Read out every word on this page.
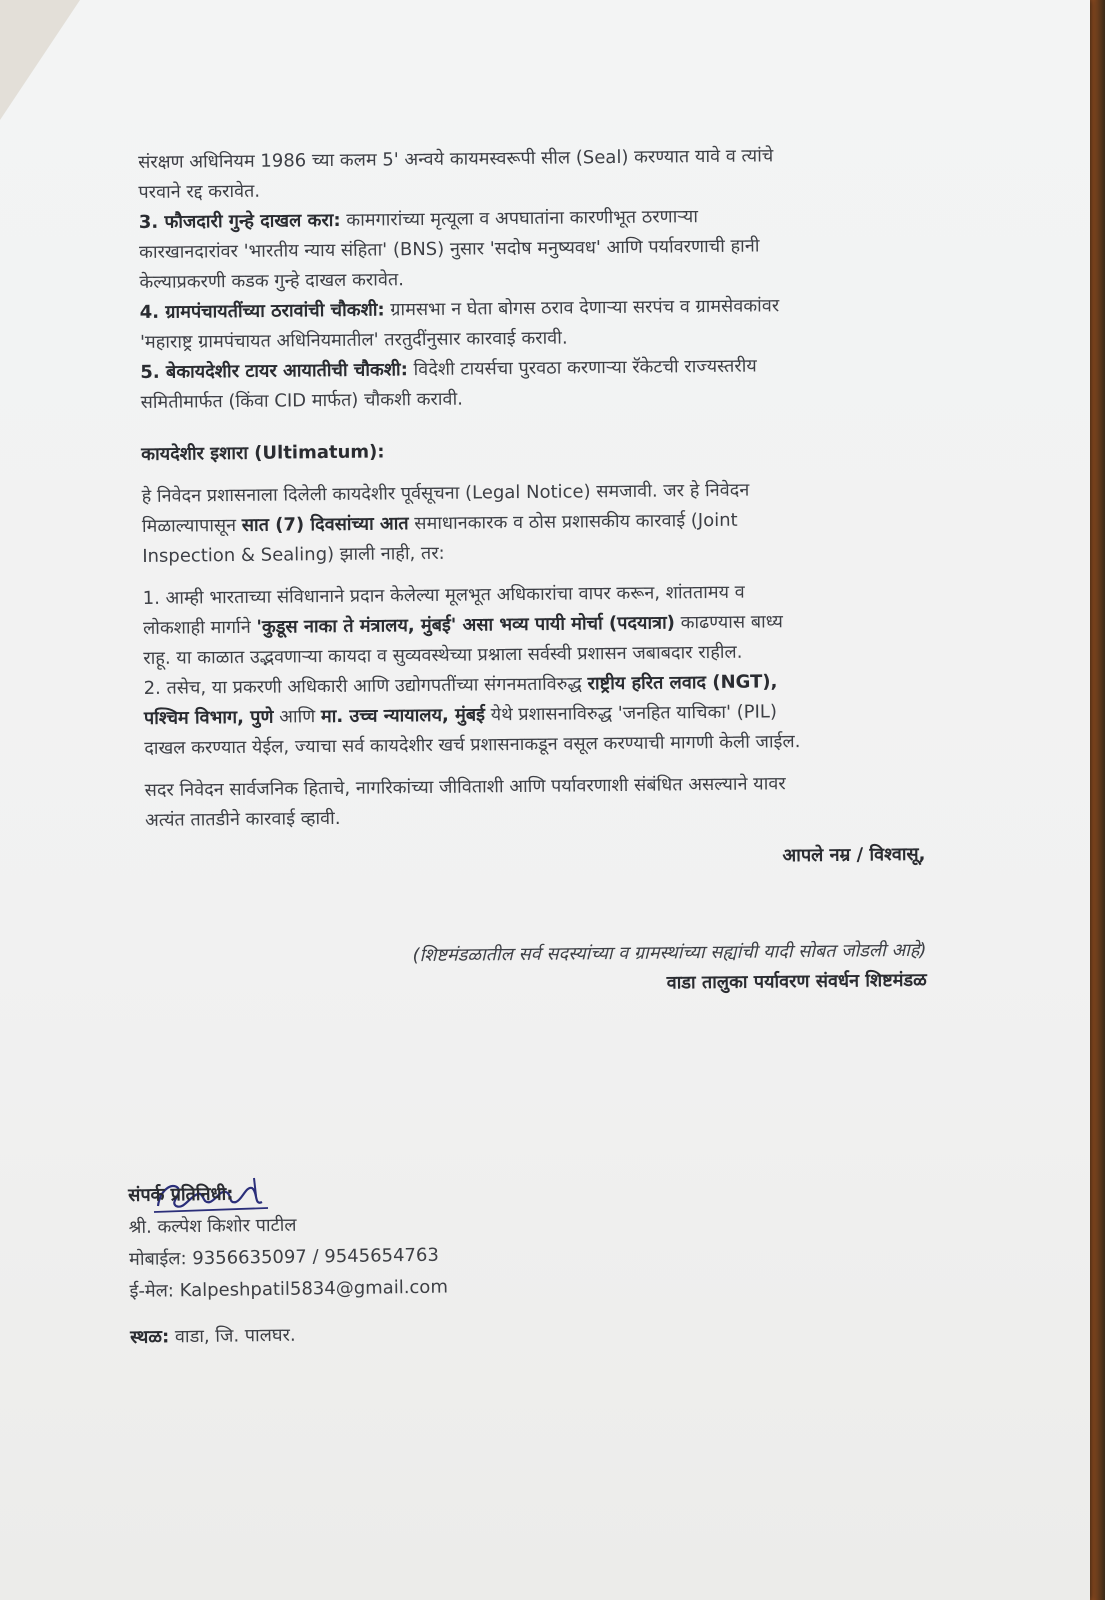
संरक्षण अधिनियम 1986 च्या कलम 5' अन्वये कायमस्वरूपी सील (Seal) करण्यात यावे व त्यांचे
परवाने रद्द करावेत.
3. फौजदारी गुन्हे दाखल करा: कामगारांच्या मृत्यूला व अपघातांना कारणीभूत ठरणाऱ्या
कारखानदारांवर 'भारतीय न्याय संहिता' (BNS) नुसार 'सदोष मनुष्यवध' आणि पर्यावरणाची हानी
केल्याप्रकरणी कडक गुन्हे दाखल करावेत.
4. ग्रामपंचायतींच्या ठरावांची चौकशी: ग्रामसभा न घेता बोगस ठराव देणाऱ्या सरपंच व ग्रामसेवकांवर
'महाराष्ट्र ग्रामपंचायत अधिनियमातील' तरतुदींनुसार कारवाई करावी.
5. बेकायदेशीर टायर आयातीची चौकशी: विदेशी टायर्सचा पुरवठा करणाऱ्या रॅकेटची राज्यस्तरीय
समितीमार्फत (किंवा CID मार्फत) चौकशी करावी.
कायदेशीर इशारा (Ultimatum):
हे निवेदन प्रशासनाला दिलेली कायदेशीर पूर्वसूचना (Legal Notice) समजावी. जर हे निवेदन
मिळाल्यापासून सात (7) दिवसांच्या आत समाधानकारक व ठोस प्रशासकीय कारवाई (Joint
Inspection & Sealing) झाली नाही, तर:
1. आम्ही भारताच्या संविधानाने प्रदान केलेल्या मूलभूत अधिकारांचा वापर करून, शांततामय व
लोकशाही मार्गाने 'कुडूस नाका ते मंत्रालय, मुंबई' असा भव्य पायी मोर्चा (पदयात्रा) काढण्यास बाध्य
राहू. या काळात उद्भवणाऱ्या कायदा व सुव्यवस्थेच्या प्रश्नाला सर्वस्वी प्रशासन जबाबदार राहील.
2. तसेच, या प्रकरणी अधिकारी आणि उद्योगपतींच्या संगनमताविरुद्ध राष्ट्रीय हरित लवाद (NGT),
पश्चिम विभाग, पुणे आणि मा. उच्च न्यायालय, मुंबई येथे प्रशासनाविरुद्ध 'जनहित याचिका' (PIL)
दाखल करण्यात येईल, ज्याचा सर्व कायदेशीर खर्च प्रशासनाकडून वसूल करण्याची मागणी केली जाईल.
सदर निवेदन सार्वजनिक हिताचे, नागरिकांच्या जीविताशी आणि पर्यावरणाशी संबंधित असल्याने यावर
अत्यंत तातडीने कारवाई व्हावी.
आपले नम्र / विश्वासू,
(शिष्टमंडळातील सर्व सदस्यांच्या व ग्रामस्थांच्या सह्यांची यादी सोबत जोडली आहे)
वाडा तालुका पर्यावरण संवर्धन शिष्टमंडळ
संपर्क प्रतिनिधी:
श्री. कल्पेश किशोर पाटील
मोबाईल: 9356635097 / 9545654763
ई-मेल: Kalpeshpatil5834@gmail.com
स्थळ: वाडा, जि. पालघर.
